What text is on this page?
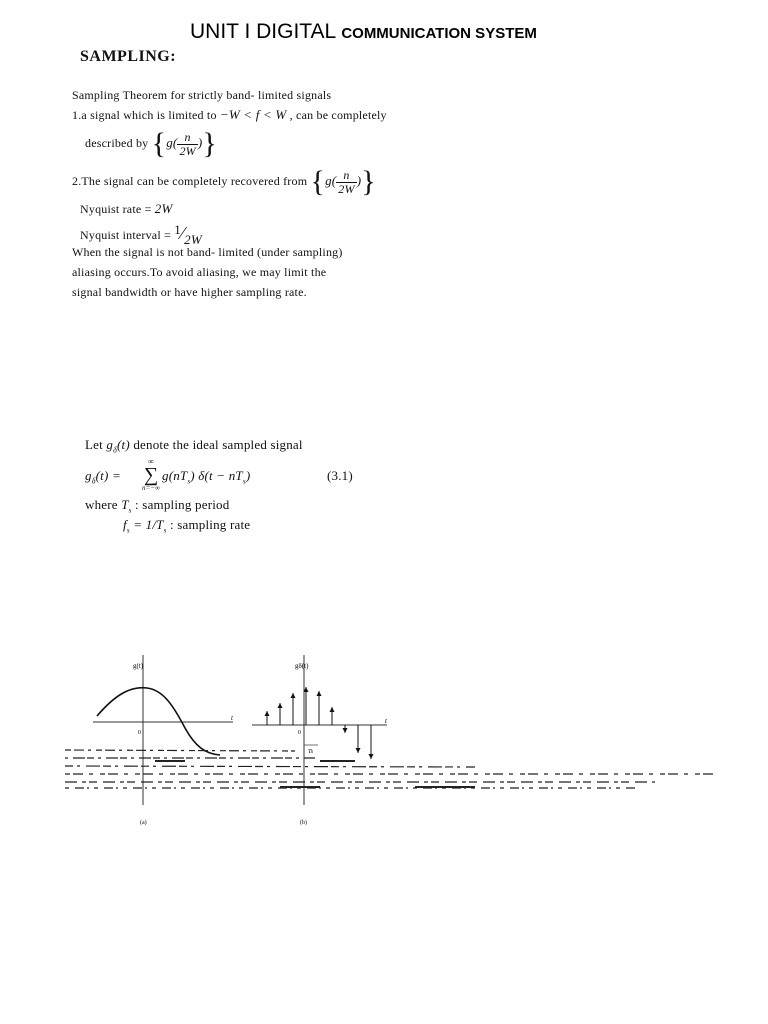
UNIT I DIGITAL COMMUNICATION SYSTEM
SAMPLING:
Sampling Theorem for strictly band- limited signals
1.a signal which is limited to −W < f < W , can be completely
described by {$g( \frac{n}{2W}$ )}
2.The signal can be completely recovered from {$g( \frac{n}{2W}$ )}
Nyquist rate = 2W
Nyquist interval = 1⁄2W
When the signal is not band- limited (under sampling)
aliasing occurs.To avoid aliasing, we may limit the
signal bandwidth or have higher sampling rate.
Let $g_\delta(t)$ denote the ideal sampled signal
$g_\delta(t)$ =
∞
∑
n=−∞
$g(nT_s) \delta(t - nT_s)$	(3.1)
where $T_s$ : sampling period
$f_s = 1/T_s$ : sampling rate
g(t)
t
0
(a)
gδ(t)
t
0
Ts
(b)
